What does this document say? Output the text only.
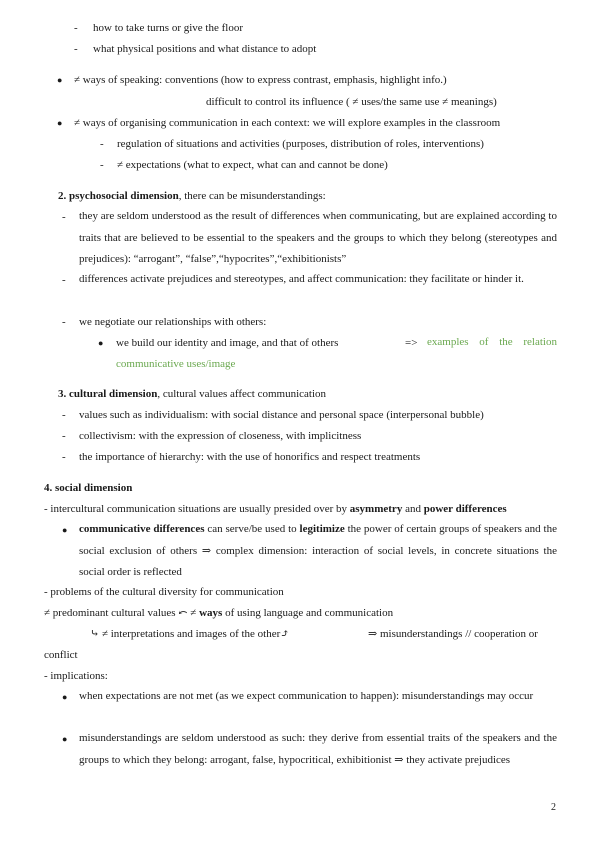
- how to take turns or give the floor
- what physical positions and what distance to adopt
● ≠ ways of speaking: conventions (how to express contrast, emphasis, highlight info.)
difficult to control its influence ( ≠ uses/the same use ≠ meanings)
● ≠ ways of organising communication in each context: we will explore examples in the classroom
- regulation of situations and activities (purposes, distribution of roles, interventions)
- ≠ expectations (what to expect, what can and cannot be done)
2. psychosocial dimension, there can be misunderstandings:
- they are seldom understood as the result of differences when communicating, but are explained according to traits that are believed to be essential to the speakers and the groups to which they belong (stereotypes and prejudices): “arrogant”, “false”,“hypocrites”,“exhibitionists”
- differences activate prejudices and stereotypes, and affect communication: they facilitate or hinder it.
- we negotiate our relationships with others:
● we build our identity and image, and that of others	=> examples of the relation communicative uses/image
3. cultural dimension, cultural values affect communication
- values such as individualism: with social distance and personal space (interpersonal bubble)
- collectivism: with the expression of closeness, with implicitness
- the importance of hierarchy: with the use of honorifics and respect treatments
4. social dimension
- intercultural communication situations are usually presided over by asymmetry and power differences
● communicative differences can serve/be used to legitimize the power of certain groups of speakers and the social exclusion of others ⇒ complex dimension: interaction of social levels, in concrete situations the social order is reflected
- problems of the cultural diversity for communication
≠ predominant cultural values ⤺ ≠ ways of using language and communication
⤷ ≠ interpretations and images of the other⤴	⇒ misunderstandings // cooperation or
conflict
- implications:
● when expectations are not met (as we expect communication to happen): misunderstandings may occur
● misunderstandings are seldom understood as such: they derive from essential traits of the speakers and the groups to which they belong: arrogant, false, hypocritical, exhibitionist ⇒ they activate prejudices
2
